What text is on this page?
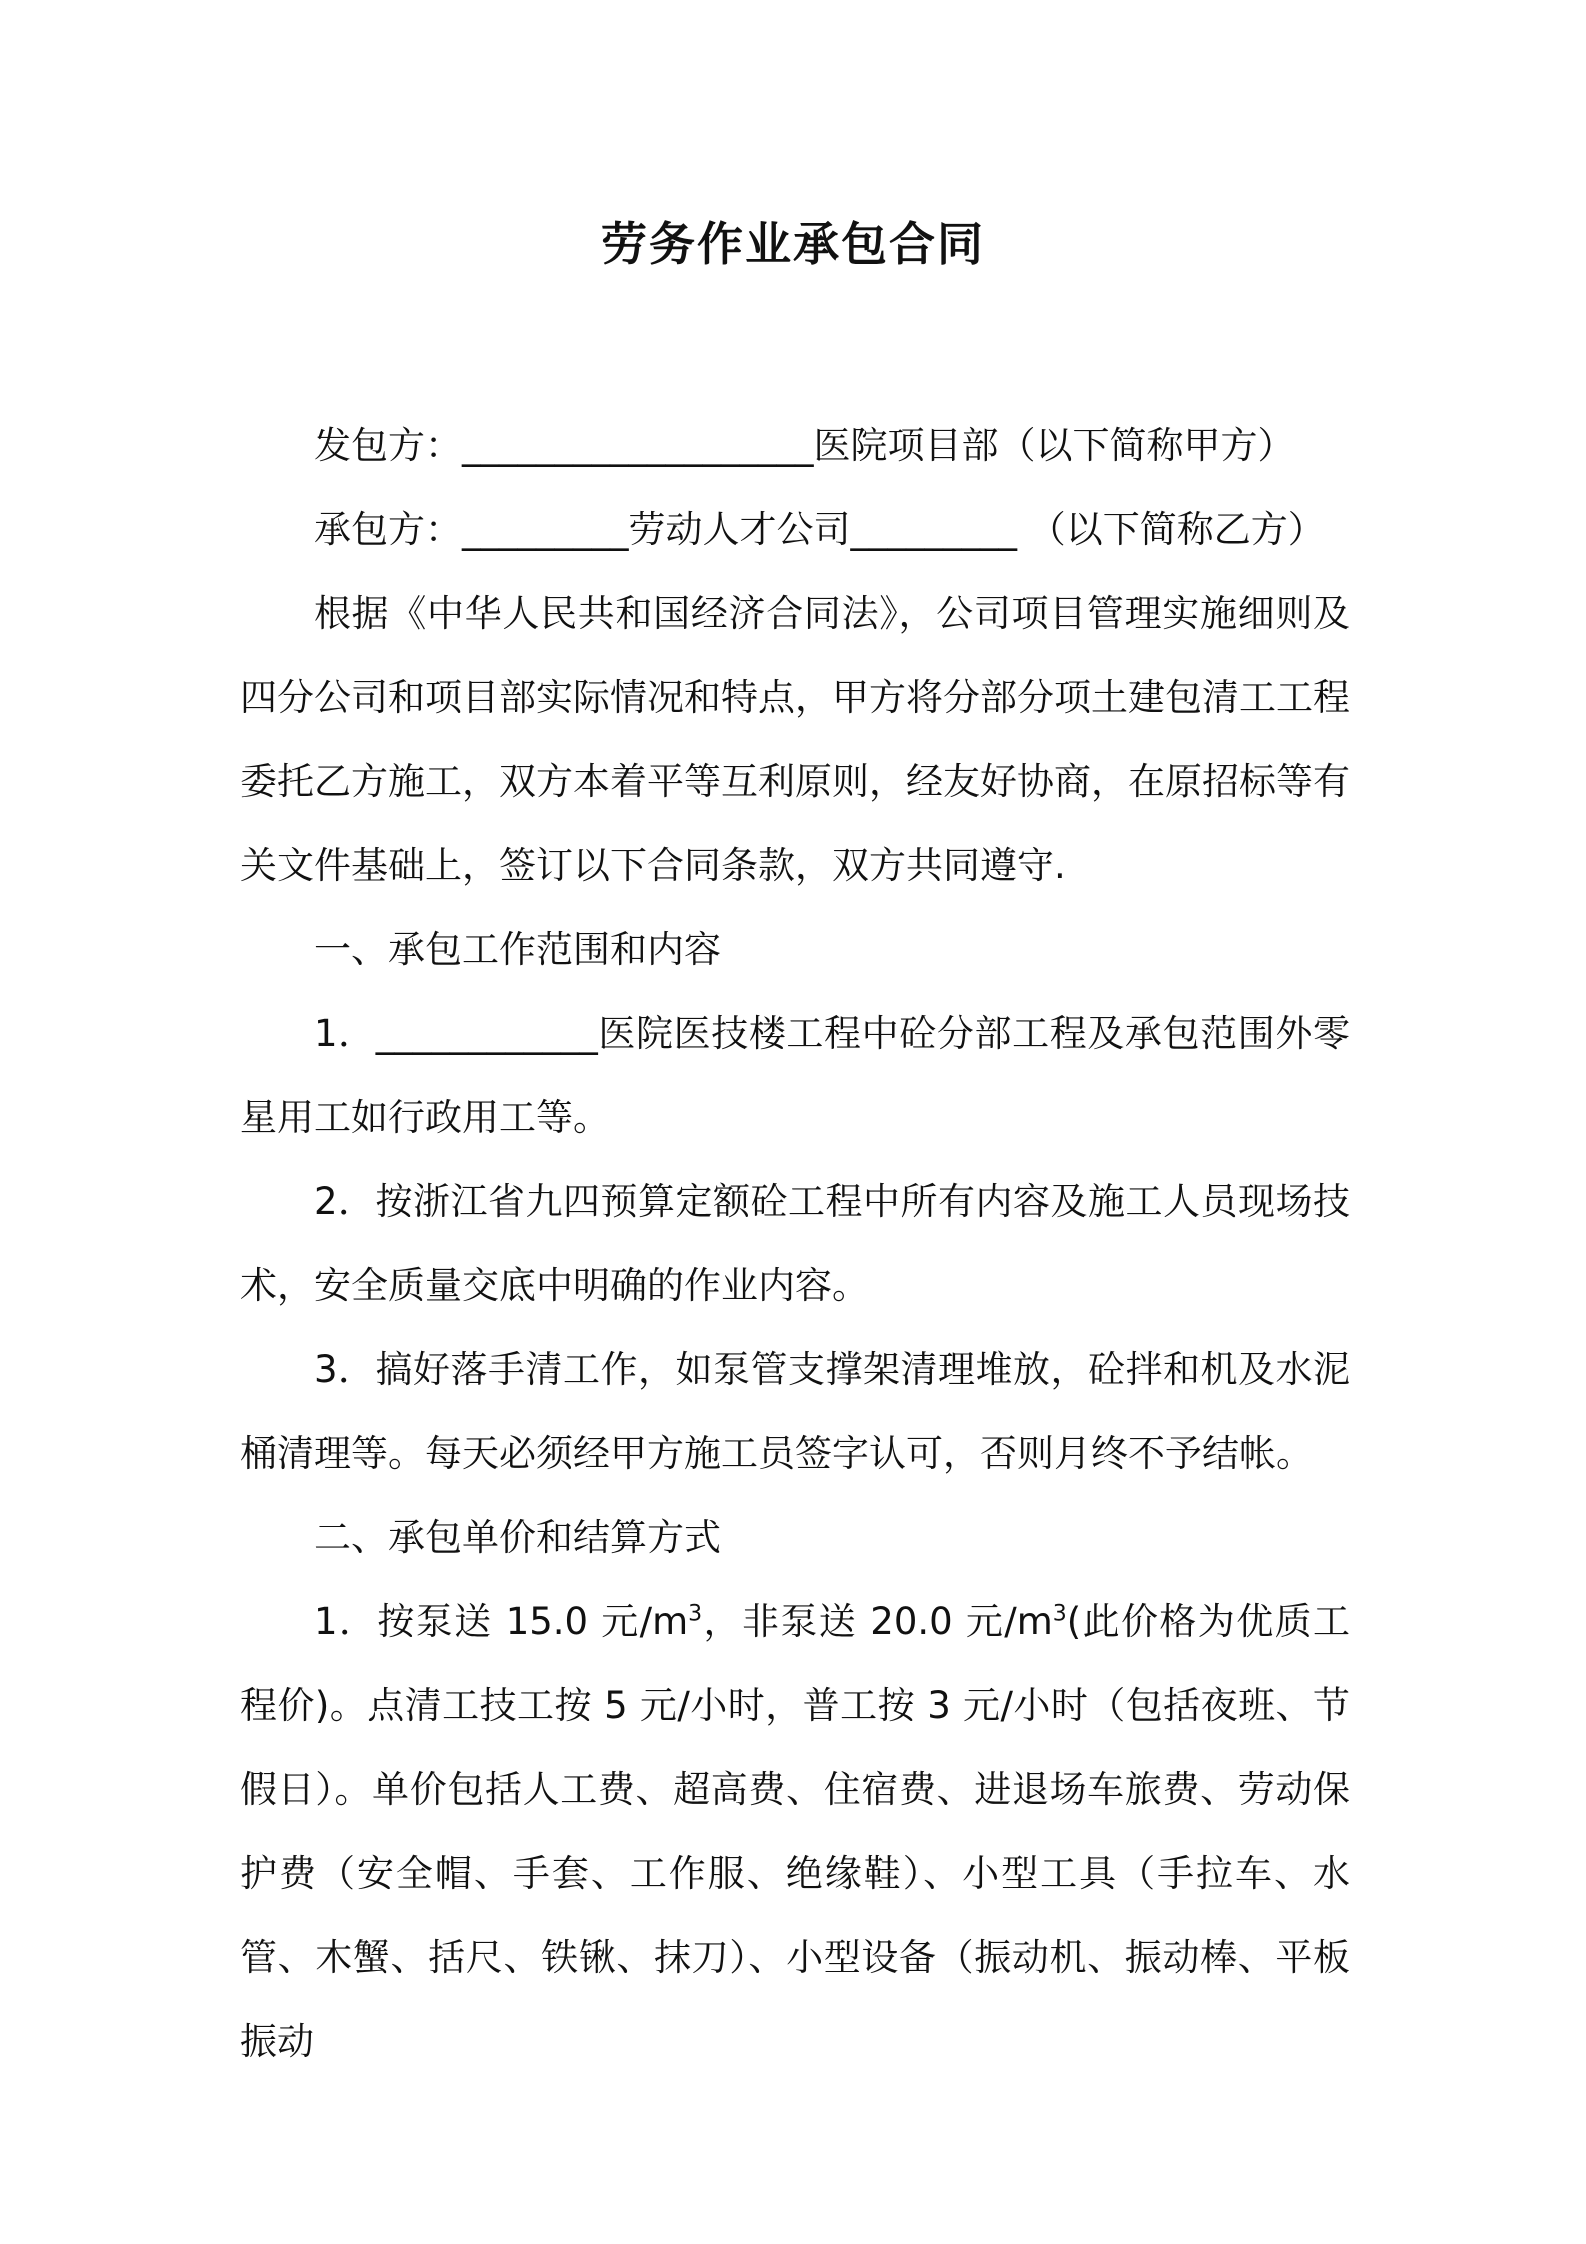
劳务作业承包合同

发包方：___________________医院项目部（以下简称甲方）

承包方：_________劳动人才公司_________ （以下简称乙方）

根据《中华人民共和国经济合同法》，公司项目管理实施细则及四分公司和项目部实际情况和特点，甲方将分部分项土建包清工工程委托乙方施工，双方本着平等互利原则，经友好协商，在原招标等有关文件基础上，签订以下合同条款，双方共同遵守.

一、承包工作范围和内容

1．____________医院医技楼工程中砼分部工程及承包范围外零星用工如行政用工等。

2．按浙江省九四预算定额砼工程中所有内容及施工人员现场技术，安全质量交底中明确的作业内容。

3．搞好落手清工作，如泵管支撑架清理堆放，砼拌和机及水泥桶清理等。每天必须经甲方施工员签字认可，否则月终不予结帐。

二、承包单价和结算方式

1．按泵送 15.0 元$/m^3$，非泵送 20.0 元$/m^3$(此价格为优质工程价)。点清工技工按 5 元/小时，普工按 3 元/小时（包括夜班、节假日）。单价包括人工费、超高费、住宿费、进退场车旅费、劳动保护费（安全帽、手套、工作服、绝缘鞋）、小型工具（手拉车、水管、木蟹、括尺、铁锹、抹刀）、小型设备（振动机、振动棒、平板振动
